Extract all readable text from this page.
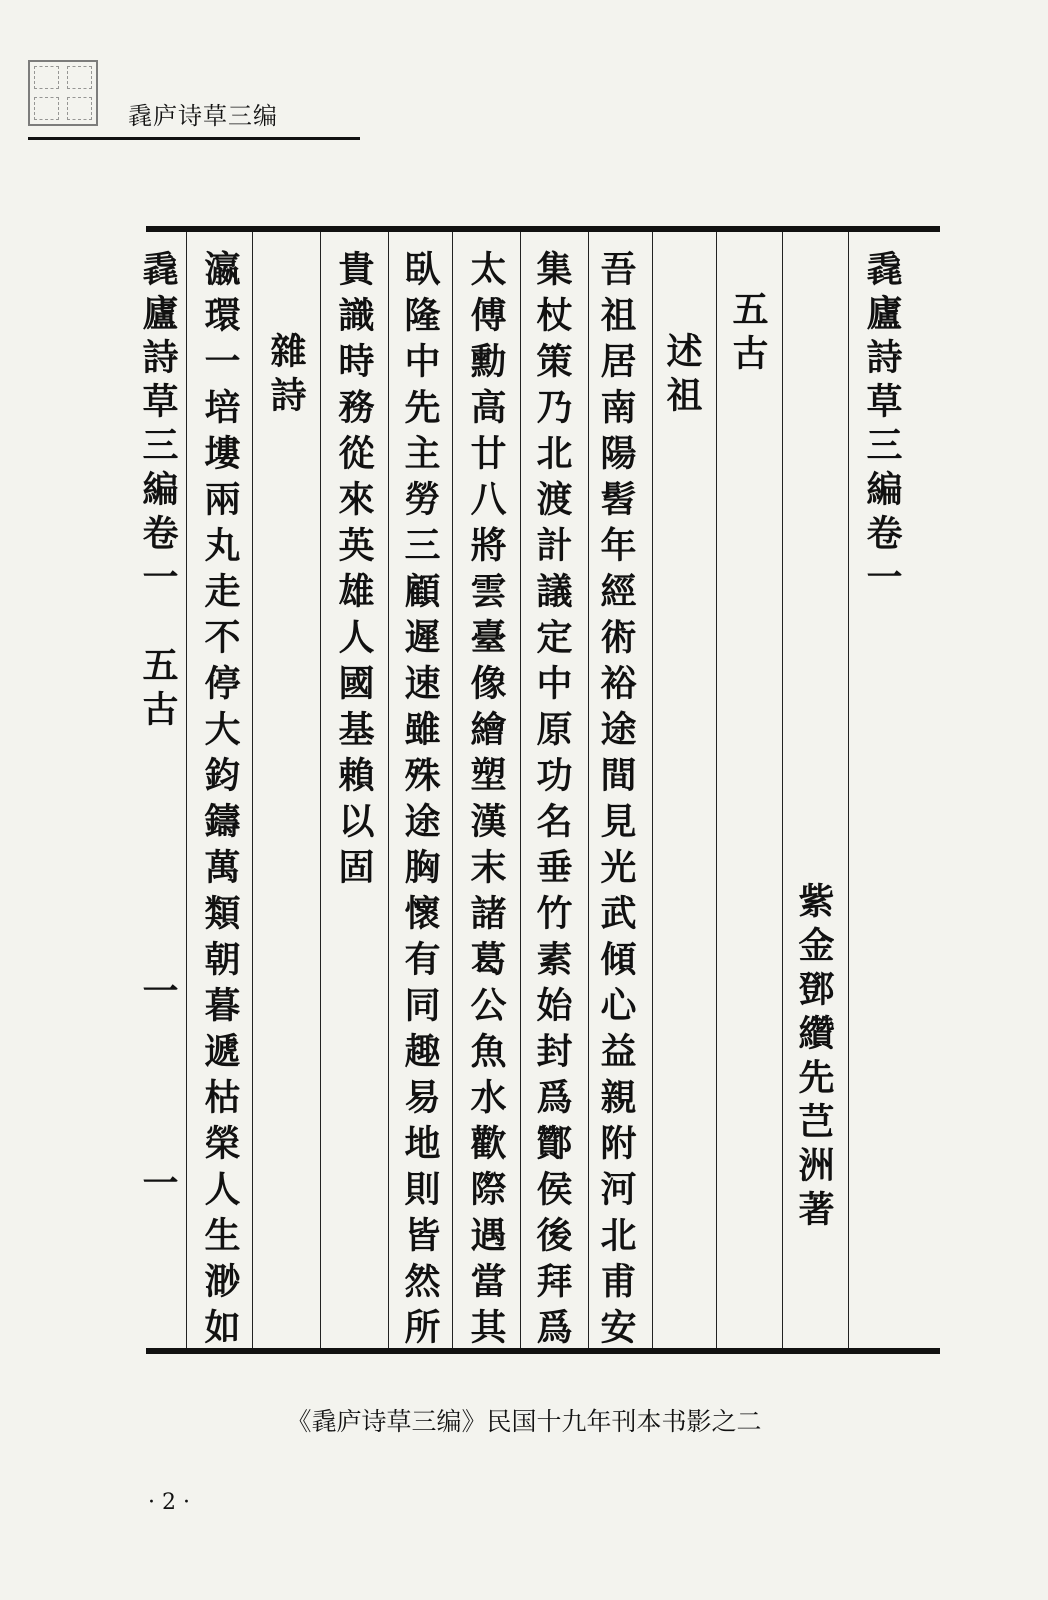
毳庐诗草三编
毳廬詩草三編卷一
紫金鄧纘先芑洲著
五古
述祖
吾祖居南陽髫年經術裕途間見光武傾心益親附河北甫安
集杖策乃北渡計議定中原功名垂竹素始封爲酇侯後拜爲
太傅勳高廿八將雲臺像繪塑漢末諸葛公魚水歡際遇當其
臥隆中先主勞三顧遲速雖殊途胸懷有同趣易地則皆然所
貴識時務從來英雄人國基賴以固
雜詩
瀛環一培塿兩丸走不停大鈞鑄萬類朝暮遞枯榮人生渺如
毳廬詩草三編卷一　五古
一　一
《毳庐诗草三编》民国十九年刊本书影之二
· 2 ·
